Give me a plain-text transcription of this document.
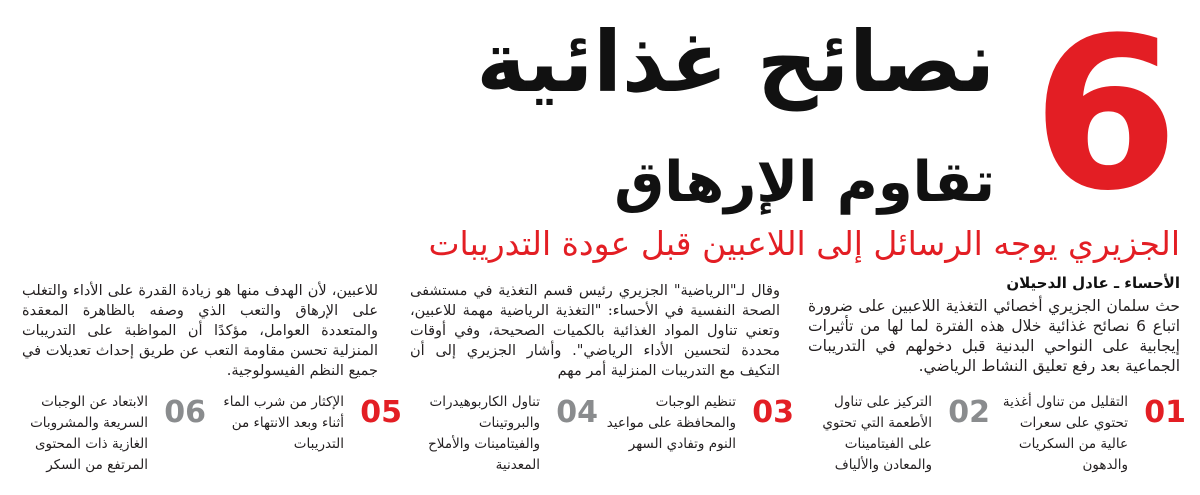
6
نصائح غذائية
تقاوم الإرهاق
الجزيري يوجه الرسائل إلى اللاعبين قبل عودة التدريبات
الأحساء ـ عادل الدحيلان
حث سلمان الجزيري أخصائي التغذية اللاعبين على ضرورة اتباع 6 نصائح غذائية خلال هذه الفترة لما لها من تأثيرات إيجابية على النواحي البدنية قبل دخولهم في التدريبات الجماعية بعد رفع تعليق النشاط الرياضي.
وقال لـ"الرياضية" الجزيري رئيس قسم التغذية في مستشفى الصحة النفسية في الأحساء: "التغذية الرياضية مهمة للاعبين، وتعني تناول المواد الغذائية بالكميات الصحيحة، وفي أوقات محددة لتحسين الأداء الرياضي". وأشار الجزيري إلى أن التكيف مع التدريبات المنزلية أمر مهم
للاعبين، لأن الهدف منها هو زيادة القدرة على الأداء والتغلب على الإرهاق والتعب الذي وصفه بالظاهرة المعقدة والمتعددة العوامل، مؤكدًا أن المواظبة على التدريبات المنزلية تحسن مقاومة التعب عن طريق إحداث تعديلات في جميع النظم الفيسولوجية.
01
التقليل من تناول أغذية تحتوي على سعرات عالية من السكريات والدهون
02
التركيز على تناول الأطعمة التي تحتوي على الفيتامينات والمعادن والألياف
03
تنظيم الوجبات والمحافظة على مواعيد النوم وتفادي السهر
04
تناول الكاربوهيدرات والبروتينات والفيتامينات والأملاح المعدنية
05
الإكثار من شرب الماء أثناء وبعد الانتهاء من التدريبات
06
الابتعاد عن الوجبات السريعة والمشروبات الغازية ذات المحتوى المرتفع من السكر
